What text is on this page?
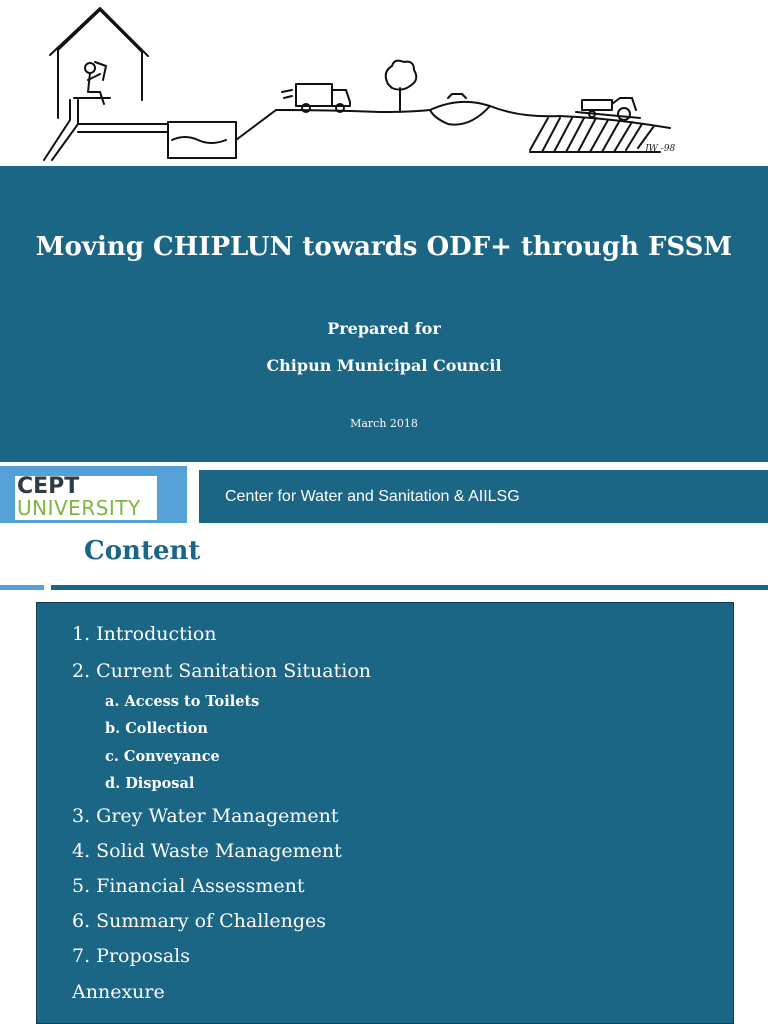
JW -98
Moving CHIPLUN towards ODF+ through FSSM
Prepared for
Chipun Municipal Council
March 2018
CEPT
UNIVERSITY	Center for Water and Sanitation & AIILSG
Content
1. Introduction
2. Current Sanitation Situation
a. Access to Toilets
b. Collection
c. Conveyance
d. Disposal
3. Grey Water Management
4. Solid Waste Management
5. Financial Assessment
6. Summary of Challenges
7. Proposals
Annexure
